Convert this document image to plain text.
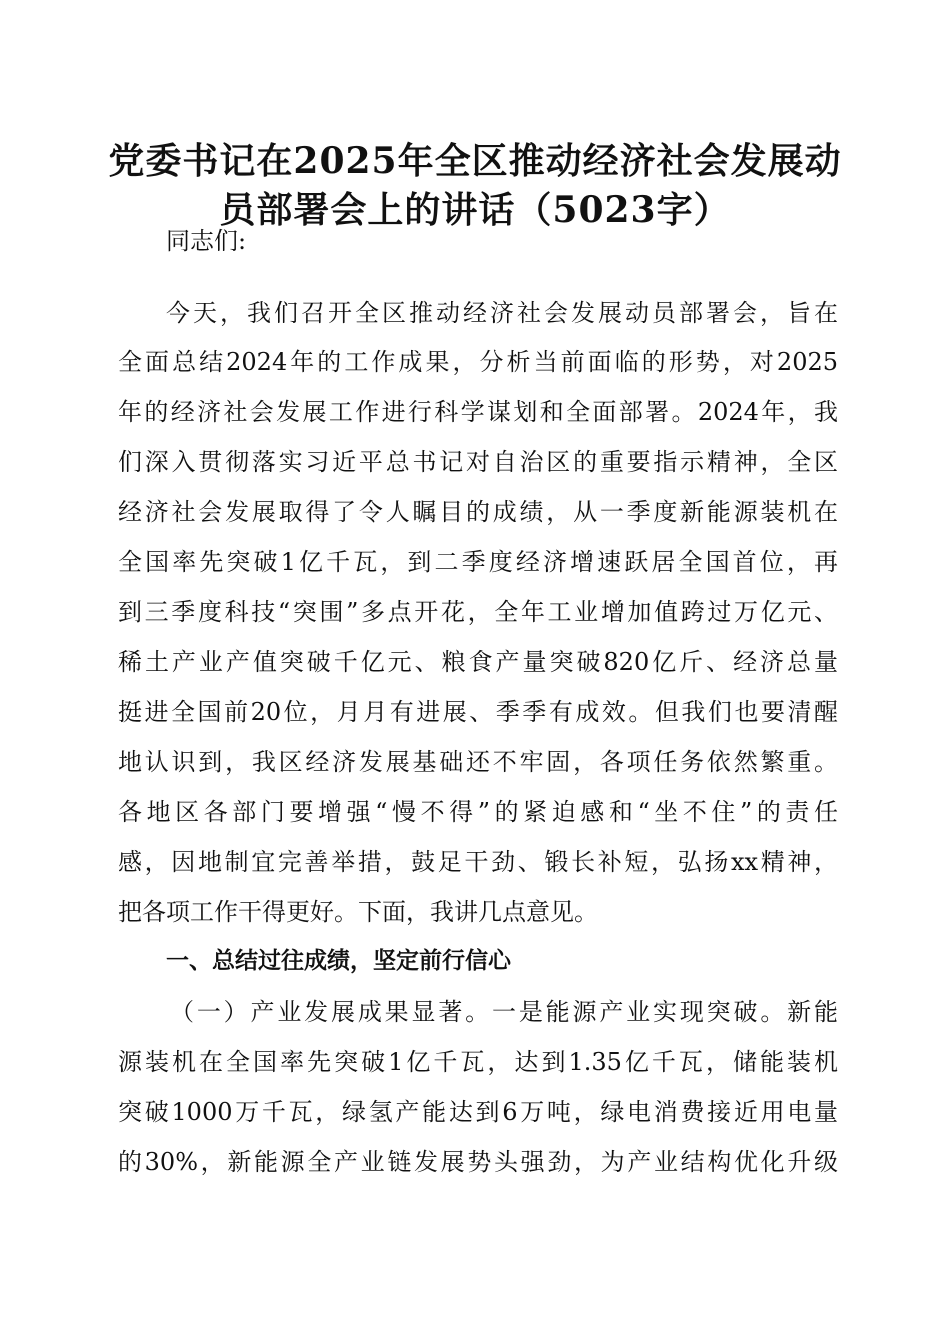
党委书记在2025年全区推动经济社会发展动
员部署会上的讲话（5023字）
同志们:
今天，我们召开全区推动经济社会发展动员部署会，旨在
全面总结2024年的工作成果，分析当前面临的形势，对2025
年的经济社会发展工作进行科学谋划和全面部署。2024年，我
们深入贯彻落实习近平总书记对自治区的重要指示精神，全区
经济社会发展取得了令人瞩目的成绩，从一季度新能源装机在
全国率先突破1亿千瓦，到二季度经济增速跃居全国首位，再
到三季度科技“突围”多点开花，全年工业增加值跨过万亿元、
稀土产业产值突破千亿元、粮食产量突破820亿斤、经济总量
挺进全国前20位，月月有进展、季季有成效。但我们也要清醒
地认识到，我区经济发展基础还不牢固，各项任务依然繁重。
各地区各部门要增强“慢不得”的紧迫感和“坐不住”的责任
感，因地制宜完善举措，鼓足干劲、锻长补短，弘扬xx精神，
把各项工作干得更好。下面，我讲几点意见。
一、总结过往成绩，坚定前行信心
（一）产业发展成果显著。一是能源产业实现突破。新能
源装机在全国率先突破1亿千瓦，达到1.35亿千瓦，储能装机
突破1000万千瓦，绿氢产能达到6万吨，绿电消费接近用电量
的30%，新能源全产业链发展势头强劲，为产业结构优化升级
